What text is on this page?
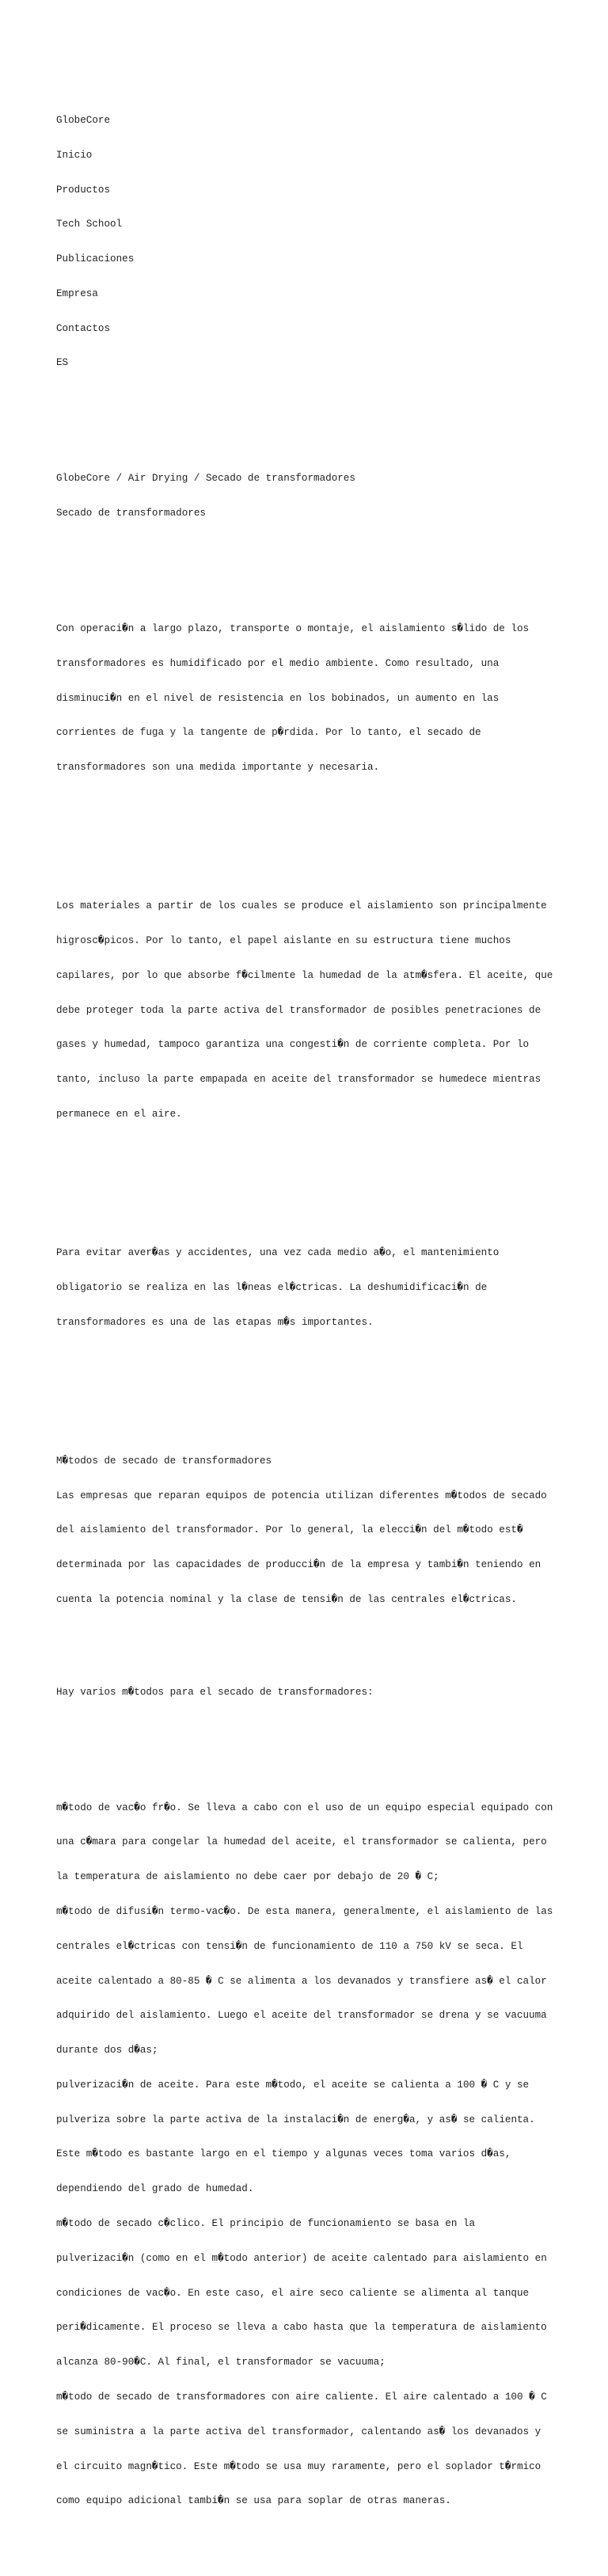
GlobeCore

Inicio

Productos

Tech School

Publicaciones

Empresa

Contactos

ES

GlobeCore / Air Drying / Secado de transformadores

Secado de transformadores

Con operaci�n a largo plazo, transporte o montaje, el aislamiento s�lido de los

transformadores es humidificado por el medio ambiente. Como resultado, una

disminuci�n en el nivel de resistencia en los bobinados, un aumento en las

corrientes de fuga y la tangente de p�rdida. Por lo tanto, el secado de

transformadores son una medida importante y necesaria.

Los materiales a partir de los cuales se produce el aislamiento son principalmente

higrosc�picos. Por lo tanto, el papel aislante en su estructura tiene muchos

capilares, por lo que absorbe f�cilmente la humedad de la atm�sfera. El aceite, que

debe proteger toda la parte activa del transformador de posibles penetraciones de

gases y humedad, tampoco garantiza una congesti�n de corriente completa. Por lo

tanto, incluso la parte empapada en aceite del transformador se humedece mientras

permanece en el aire.

Para evitar aver�as y accidentes, una vez cada medio a�o, el mantenimiento

obligatorio se realiza en las l�neas el�ctricas. La deshumidificaci�n de

transformadores es una de las etapas m�s importantes.

M�todos de secado de transformadores

Las empresas que reparan equipos de potencia utilizan diferentes m�todos de secado

del aislamiento del transformador. Por lo general, la elecci�n del m�todo est�

determinada por las capacidades de producci�n de la empresa y tambi�n teniendo en

cuenta la potencia nominal y la clase de tensi�n de las centrales el�ctricas.

Hay varios m�todos para el secado de transformadores:

m�todo de vac�o fr�o. Se lleva a cabo con el uso de un equipo especial equipado con

una c�mara para congelar la humedad del aceite, el transformador se calienta, pero

la temperatura de aislamiento no debe caer por debajo de 20 � C;

m�todo de difusi�n termo-vac�o. De esta manera, generalmente, el aislamiento de las

centrales el�ctricas con tensi�n de funcionamiento de 110 a 750 kV se seca. El

aceite calentado a 80-85 � C se alimenta a los devanados y transfiere as� el calor

adquirido del aislamiento. Luego el aceite del transformador se drena y se vacuuma

durante dos d�as;

pulverizaci�n de aceite. Para este m�todo, el aceite se calienta a 100 � C y se

pulveriza sobre la parte activa de la instalaci�n de energ�a, y as� se calienta.

Este m�todo es bastante largo en el tiempo y algunas veces toma varios d�as,

dependiendo del grado de humedad.

m�todo de secado c�clico. El principio de funcionamiento se basa en la

pulverizaci�n (como en el m�todo anterior) de aceite calentado para aislamiento en

condiciones de vac�o. En este caso, el aire seco caliente se alimenta al tanque

peri�dicamente. El proceso se lleva a cabo hasta que la temperatura de aislamiento

alcanza 80-90�C. Al final, el transformador se vacuuma;

m�todo de secado de transformadores con aire caliente. El aire calentado a 100 � C

se suministra a la parte activa del transformador, calentando as� los devanados y

el circuito magn�tico. Este m�todo se usa muy raramente, pero el soplador t�rmico

como equipo adicional tambi�n se usa para soplar de otras maneras.
